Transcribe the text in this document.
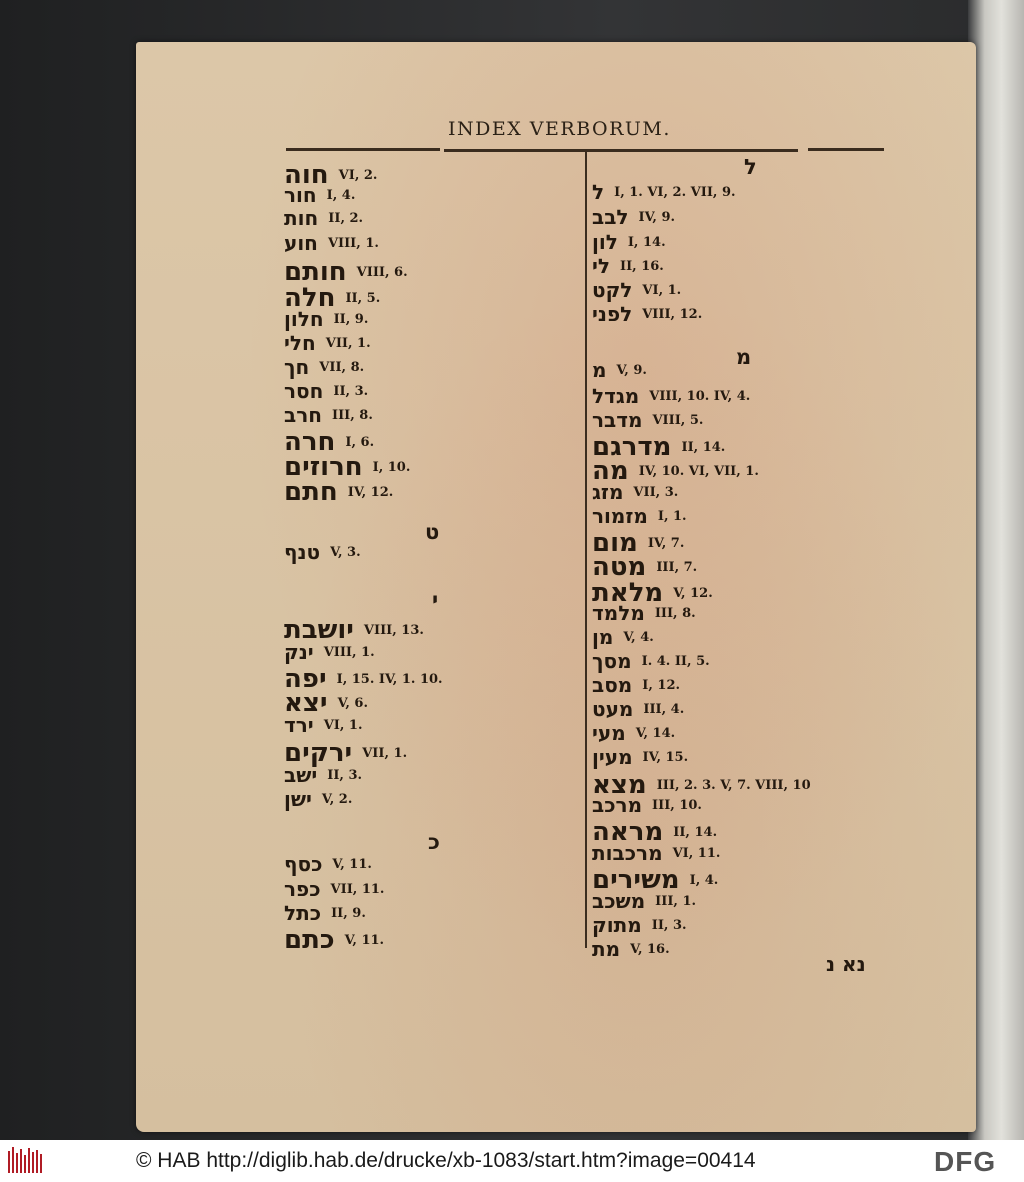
INDEX VERBORUM.
נא נ
© HAB http://diglib.hab.de/drucke/xb-1083/start.htm?image=00414	DFG
חוה VI, 2.
חור I, 4.
חות II, 2.
חוע VIII, 1.
חותם VIII, 6.
חלה II, 5.
חלון II, 9.
חלי VII, 1.
חך VII, 8.
חסר II, 3.
חרב III, 8.
חרה I, 6.
חרוזים I, 10.
חתם IV, 12.
ט
טנף V, 3.
י
יושבת VIII, 13.
ינק VIII, 1.
יפה I, 15. IV, 1. 10.
יצא V, 6.
ירד VI, 1.
ירקים VII, 1.
ישב II, 3.
ישן V, 2.
כ
כסף V, 11.
כפר VII, 11.
כתל II, 9.
כתם V, 11.
ל
ל I, 1. VI, 2. VII, 9.
לבב IV, 9.
לון I, 14.
לי II, 16.
לקט VI, 1.
לפני VIII, 12.
מ
מ V, 9.
מגדל VIII, 10. IV, 4.
מדבר VIII, 5.
מדרגם II, 14.
מה IV, 10. VI, VII, 1.
מזג VII, 3.
מזמור I, 1.
מום IV, 7.
מטה III, 7.
מלאת V, 12.
מלמד III, 8.
מן V, 4.
מסך I. 4. II, 5.
מסב I, 12.
מעט III, 4.
מעי V, 14.
מעין IV, 15.
מצא III, 2. 3. V, 7. VIII, 10
מרכב III, 10.
מראה II, 14.
מרכבות VI, 11.
משירים I, 4.
משכב III, 1.
מתוק II, 3.
מת V, 16.
